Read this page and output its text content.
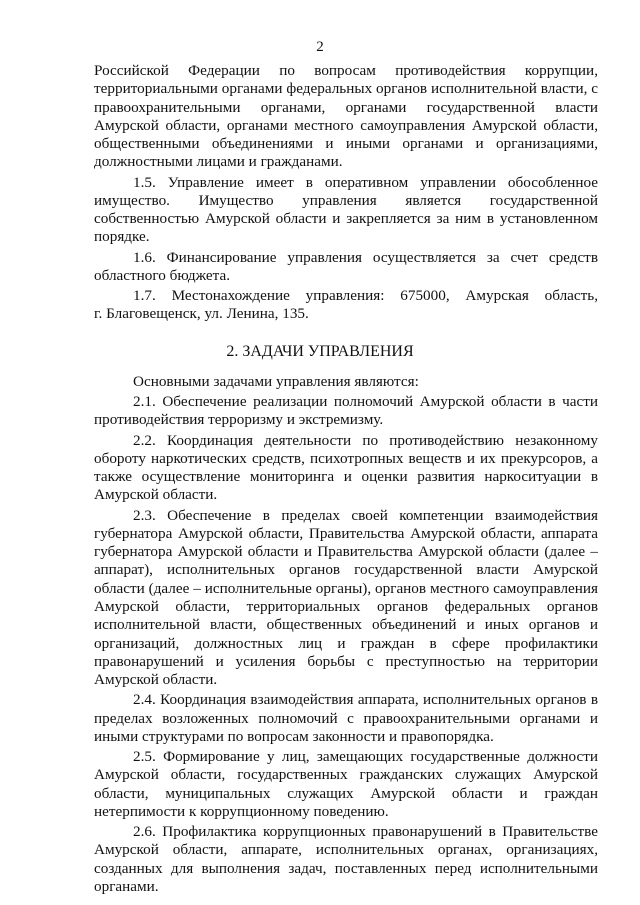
2
Российской Федерации по вопросам противодействия коррупции,
территориальными органами федеральных органов исполнительной власти, с
правоохранительными органами, органами государственной власти
Амурской области, органами местного самоуправления Амурской области,
общественными объединениями и иными органами и организациями,
должностными лицами и гражданами.
1.5. Управление имеет в оперативном управлении обособленное
имущество. Имущество управления является государственной
собственностью Амурской области и закрепляется за ним в установленном
порядке.
1.6. Финансирование управления осуществляется за счет средств
областного бюджета.
1.7. Местонахождение управления: 675000, Амурская область,
г. Благовещенск, ул. Ленина, 135.
2. ЗАДАЧИ УПРАВЛЕНИЯ
Основными задачами управления являются:
2.1. Обеспечение реализации полномочий Амурской области в части
противодействия терроризму и экстремизму.
2.2. Координация деятельности по противодействию незаконному
обороту наркотических средств, психотропных веществ и их прекурсоров, а
также осуществление мониторинга и оценки развития наркоситуации в
Амурской области.
2.3. Обеспечение в пределах своей компетенции взаимодействия
губернатора Амурской области, Правительства Амурской области, аппарата
губернатора Амурской области и Правительства Амурской области (далее –
аппарат), исполнительных органов государственной власти Амурской
области (далее – исполнительные органы), органов местного самоуправления
Амурской области, территориальных органов федеральных органов
исполнительной власти, общественных объединений и иных органов и
организаций, должностных лиц и граждан в сфере профилактики
правонарушений и усиления борьбы с преступностью на территории
Амурской области.
2.4. Координация взаимодействия аппарата, исполнительных органов в
пределах возложенных полномочий с правоохранительными органами и
иными структурами по вопросам законности и правопорядка.
2.5. Формирование у лиц, замещающих государственные должности
Амурской области, государственных гражданских служащих Амурской
области, муниципальных служащих Амурской области и граждан
нетерпимости к коррупционному поведению.
2.6. Профилактика коррупционных правонарушений в Правительстве
Амурской области, аппарате, исполнительных органах, организациях,
созданных для выполнения задач, поставленных перед исполнительными
органами.
